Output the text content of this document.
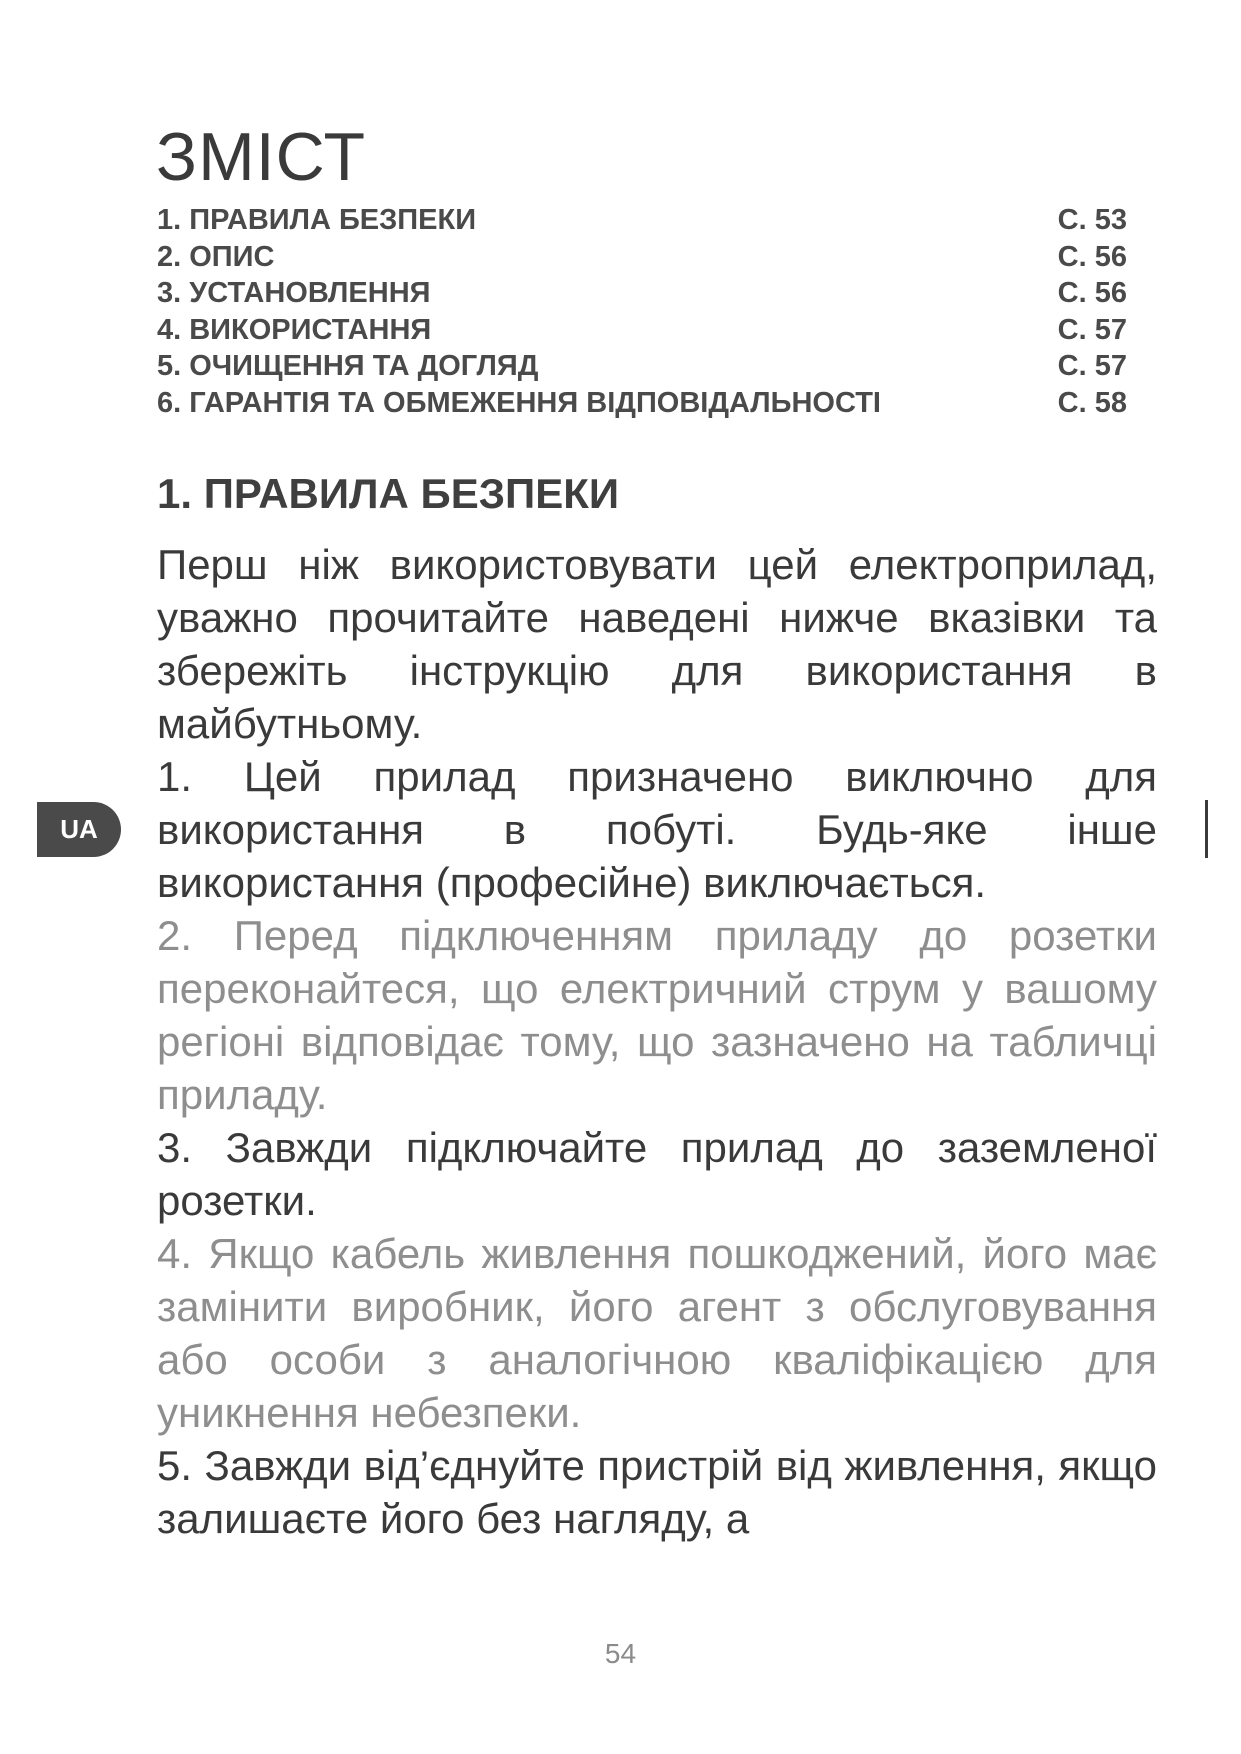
ЗМІСТ
1. ПРАВИЛА БЕЗПЕКИ	С. 53
2. ОПИС	С. 56
3. УСТАНОВЛЕННЯ	С. 56
4. ВИКОРИСТАННЯ	С. 57
5. ОЧИЩЕННЯ ТА ДОГЛЯД	С. 57
6. ГАРАНТІЯ ТА ОБМЕЖЕННЯ ВІДПОВІДАЛЬНОСТІ	С. 58
1. ПРАВИЛА БЕЗПЕКИ

Перш ніж використовувати цей електроприлад, уважно прочитайте наведені нижче вказівки та збережіть інструкцію для використання в майбутньому.

1. Цей прилад призначено виключно для використання в побуті. Будь-яке інше використання (професійне) виключається.

2. Перед підключенням приладу до розетки переконайтеся, що електричний струм у вашому регіоні відповідає тому, що зазначено на табличці приладу.

3. Завжди підключайте прилад до заземленої розетки.

4. Якщо кабель живлення пошкоджений, його має замінити виробник, його агент з обслуговування або особи з аналогічною кваліфікацією для уникнення небезпеки.

5. Завжди від’єднуйте пристрій від живлення, якщо залишаєте його без нагляду, а

UA
54
